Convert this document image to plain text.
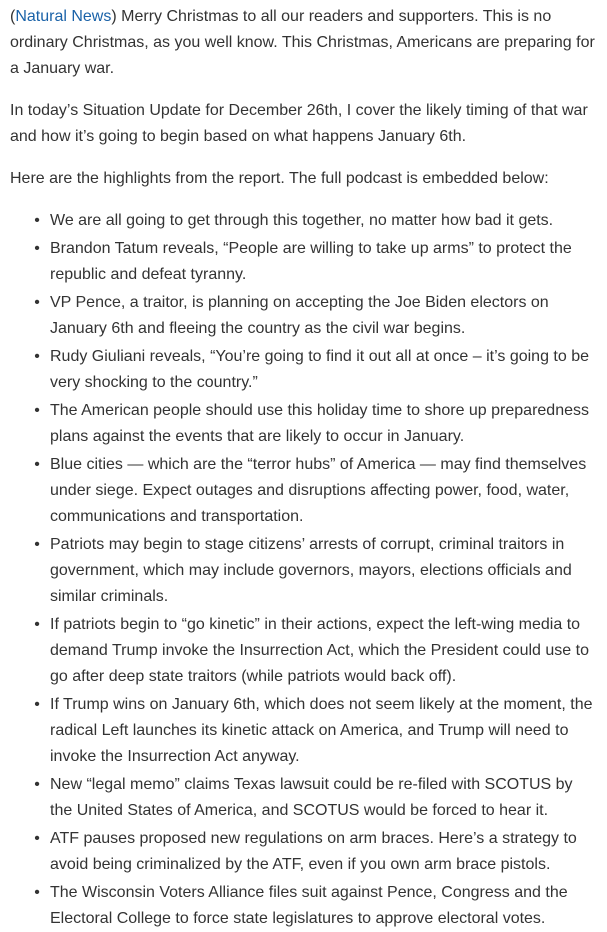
(Natural News) Merry Christmas to all our readers and supporters. This is no ordinary Christmas, as you well know. This Christmas, Americans are preparing for a January war.

In today’s Situation Update for December 26th, I cover the likely timing of that war and how it’s going to begin based on what happens January 6th.

Here are the highlights from the report. The full podcast is embedded below:

• We are all going to get through this together, no matter how bad it gets.
• Brandon Tatum reveals, “People are willing to take up arms” to protect the republic and defeat tyranny.
• VP Pence, a traitor, is planning on accepting the Joe Biden electors on January 6th and fleeing the country as the civil war begins.
• Rudy Giuliani reveals, “You’re going to find it out all at once – it’s going to be very shocking to the country.”
• The American people should use this holiday time to shore up preparedness plans against the events that are likely to occur in January.
• Blue cities — which are the “terror hubs” of America — may find themselves under siege. Expect outages and disruptions affecting power, food, water, communications and transportation.
• Patriots may begin to stage citizens’ arrests of corrupt, criminal traitors in government, which may include governors, mayors, elections officials and similar criminals.
• If patriots begin to “go kinetic” in their actions, expect the left-wing media to demand Trump invoke the Insurrection Act, which the President could use to go after deep state traitors (while patriots would back off).
• If Trump wins on January 6th, which does not seem likely at the moment, the radical Left launches its kinetic attack on America, and Trump will need to invoke the Insurrection Act anyway.
• New “legal memo” claims Texas lawsuit could be re-filed with SCOTUS by the United States of America, and SCOTUS would be forced to hear it.
• ATF pauses proposed new regulations on arm braces. Here’s a strategy to avoid being criminalized by the ATF, even if you own arm brace pistols.
• The Wisconsin Voters Alliance files suit against Pence, Congress and the Electoral College to force state legislatures to approve electoral votes.
